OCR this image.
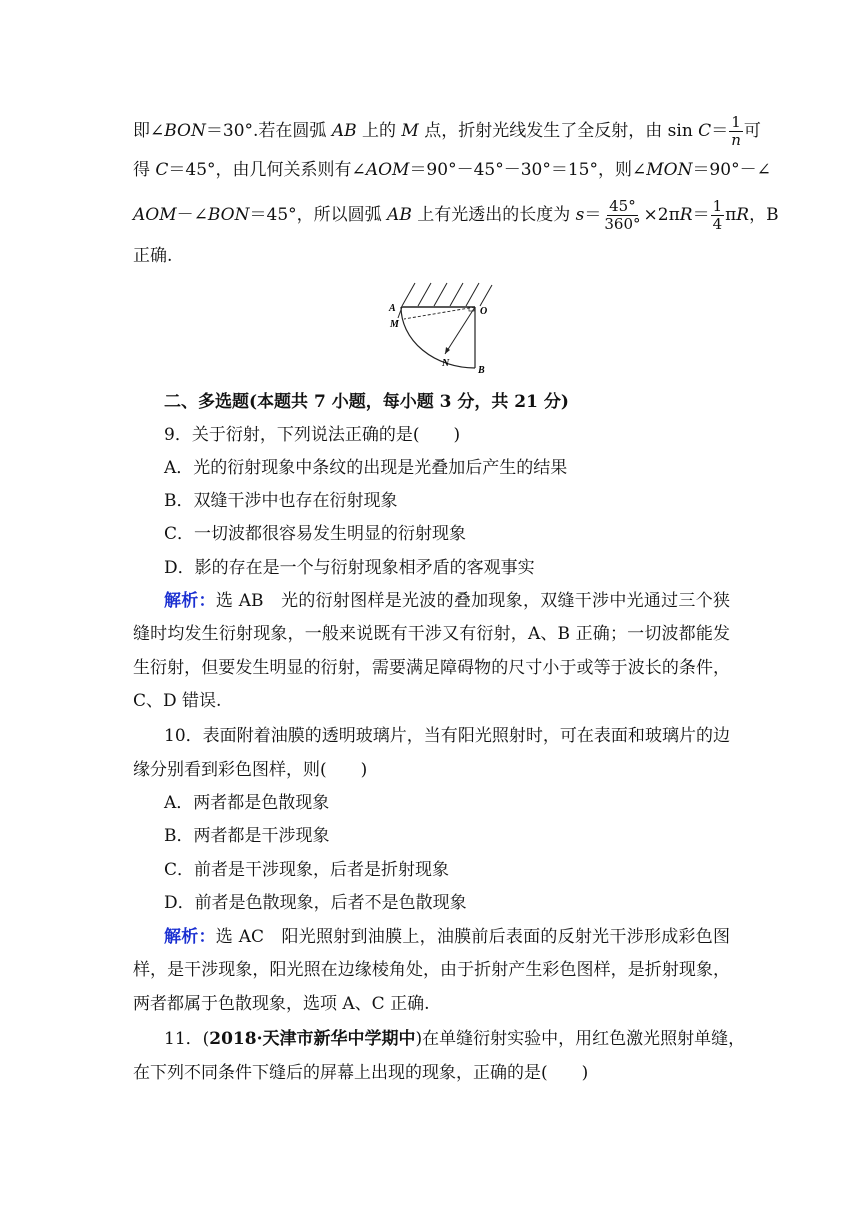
即∠BON＝30°.若在圆弧 AB 上的 M 点，折射光线发生了全反射，由 $\sin C= \frac{1}{n}$ 可
得 C＝45°，由几何关系则有∠AOM＝90°－45°－30°＝15°，则∠MON＝90°－∠
AOM－∠BON＝45°，所以圆弧 AB 上有光透出的长度为 $s= \frac{45^\circ}{360^\circ} \times 2\pi R= \frac{1}{4}$ πR，B
正确.
A
M
O
N
B
二、多选题(本题共 7 小题，每小题 3 分，共 21 分)
9．关于衍射，下列说法正确的是(　　)
A．光的衍射现象中条纹的出现是光叠加后产生的结果
B．双缝干涉中也存在衍射现象
C．一切波都很容易发生明显的衍射现象
D．影的存在是一个与衍射现象相矛盾的客观事实
解析：选 AB　光的衍射图样是光波的叠加现象，双缝干涉中光通过三个狭
缝时均发生衍射现象，一般来说既有干涉又有衍射，A、B 正确；一切波都能发
生衍射，但要发生明显的衍射，需要满足障碍物的尺寸小于或等于波长的条件，
C、D 错误.
10．表面附着油膜的透明玻璃片，当有阳光照射时，可在表面和玻璃片的边
缘分别看到彩色图样，则(　　)
A．两者都是色散现象
B．两者都是干涉现象
C．前者是干涉现象，后者是折射现象
D．前者是色散现象，后者不是色散现象
解析：选 AC　阳光照射到油膜上，油膜前后表面的反射光干涉形成彩色图
样，是干涉现象，阳光照在边缘棱角处，由于折射产生彩色图样，是折射现象，
两者都属于色散现象，选项 A、C 正确.
11．(2018·天津市新华中学期中)在单缝衍射实验中，用红色激光照射单缝，
在下列不同条件下缝后的屏幕上出现的现象，正确的是(　　)
